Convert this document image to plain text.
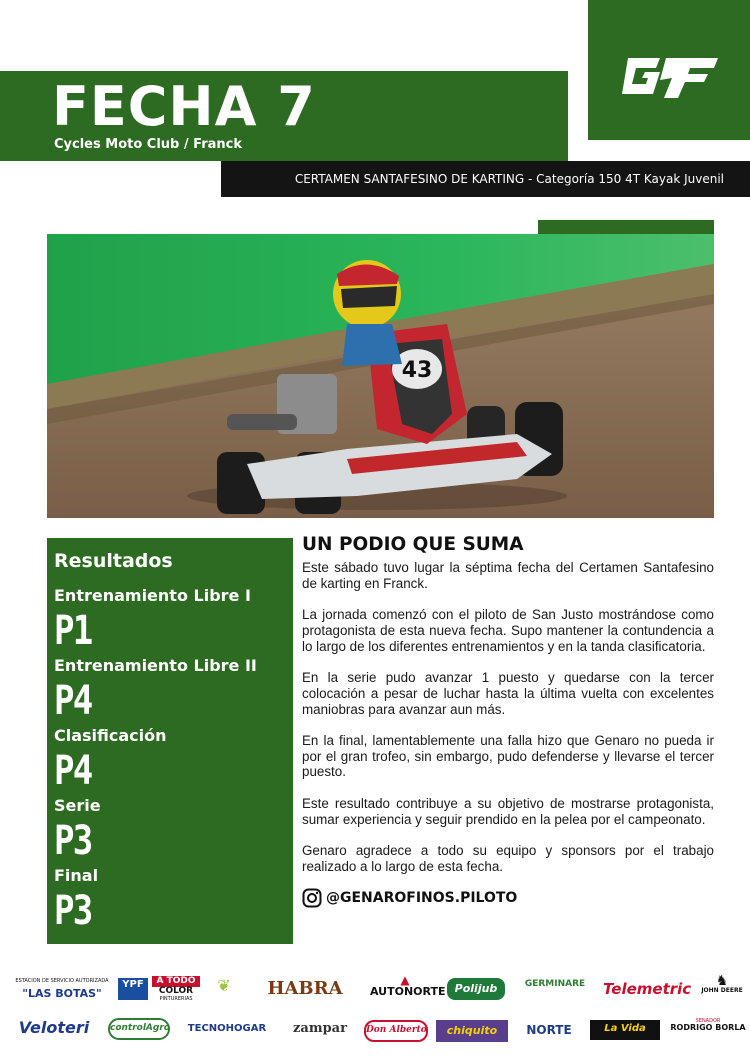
FECHA 7
Cycles Moto Club / Franck
CERTAMEN SANTAFESINO DE KARTING - Categoría 150 4T Kayak Juvenil
43
Resultados
Entrenamiento Libre I
P1
Entrenamiento Libre II
P4
Clasificación
P4
Serie
P3
Final
P3
UN PODIO QUE SUMA

Este sábado tuvo lugar la séptima fecha del Certamen Santafesino de karting en Franck.

La jornada comenzó con el piloto de San Justo mostrándose como protagonista de esta nueva fecha. Supo mantener la contundencia a lo largo de los diferentes entrenamientos y en la tanda clasificatoria.

En la serie pudo avanzar 1 puesto y quedarse con la tercer colocación a pesar de luchar hasta la última vuelta con excelentes maniobras para avanzar aun más.

En la final, lamentablemente una falla hizo que Genaro no pueda ir por el gran trofeo, sin embargo, pudo defenderse y llevarse el tercer puesto.

Este resultado contribuye a su objetivo de mostrarse protagonista, sumar experiencia y seguir prendido en la pelea por el campeonato.

Genaro agradece a todo su equipo y sponsors por el trabajo realizado a lo largo de esta fecha.

@GENAROFINOS.PILOTO
ESTACION DE SERVICIO AUTORIZADA
"LAS BOTAS"
YPF	A TODO
COLOR
PINTURERIAS
❦	HABRA	▲
AUTONORTE Polijub	GERMINARE	Telemetric	♞
JOHN DEERE
Veloteri	controlAgro	TECNOHOGAR	zampar	Don Alberto	chiquito	NORTE	La Vida
SENADOR
RODRIGO BORLA
